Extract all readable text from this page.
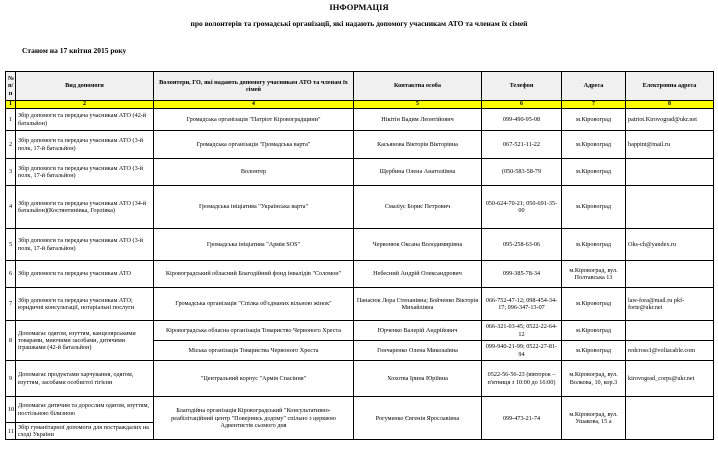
ІНФОРМАЦІЯ
про волонтерів та громадські організації, які надають допомогу учасникам АТО та членам їх сімей
Станом на 17 квітня 2015 року
№ п/п	Вид допомоги	Волонтери, ГО, які надають допомогу учасникам АТО та членам їх сімей	Контактна особа	Телефон	Адреса	Електронна адреса
1	2	4	5	6	7	8
1	Збір допомоги та передача учасникам АТО (42-й батальйон)	Громадська організація "Патріот Кіровоградщини"	Нікітін Вадим Леонтійович	099-490-95-08	м.Кіровоград	patriot.Kirovograd@ukr.net
2	Збір допомоги та передача учасникам АТО (3-й полк, 17-й батальйон)	Громадська організація "Громадська варта"	Касьянова Вікторія Вікторівна	067-521-11-22	м.Кіровоград	happint@mail.ru
3	Збір допомоги та передача учасникам АТО (3-й полк, 17-й батальйон)	Волонтер	Щербина Олена Анатоліївна	(050-583-58-79	м.Кіровоград	
4	Збір допомоги та передача учасникам АТО (34-й батальйон)(Костянтинівка, Горлівка)	Громадська ініціатива "Українська варта"	Смазіус Борис Петрович	050-624-70-21; 050-691-35-00	м.Кіровоград	
5	Збір допомоги та передача учасникам АТО (3-й полк, 17-й батальйон)	Громадська ініціатива "Армія SOS"	Червонюк Оксана Володимирівна	095-258-63-06	м.Кіровоград	Oks-ch@yandex.ru
6	Збір допомоги та передача учасникам АТО	Кіровоградський обласний Благодійний фонд інвалідів "Соломон"	Небесний Андрій Олександрович	099-385-78-34	м.Кіровоград, вул. Полтавська 13	
7	Збір допомоги та передача учасникам АТО; юридичні консультації, нотаріальні послуги	Громадська організація "Спілка об'єднаних вільною жінок"	Панасюк Лора Степанівна; Бойченко Вікторія Михайлівна	066-752-47-12; 098-454-34-17; 096-347-13-07	м.Кіровоград	law-fora@mail.ru pkf-forte@ukr.net
8	Допомагає одягом, взуттям, канцелярськими товарами, миючими засобами, дитячими іграшками (42-й батальйон)	Кіровоградська обласна організація Товариство Червоного Хреста	Юрченко Валерій Андрійович	066-321-03-45; 0522-22-64-12	м.Кіровоград	
		Міська організація Товариства Червоного Хреста	Гончаренко Олена Миколаївна	099-940-21-99; 0522-27-81-94	м.Кіровоград	redcross1@voliacable.com
9	Допомагає продуктами харчування, одягом, взуттям, засобами особистої гігієни	"Центральний корпус "Армія Спасіння"	Хохотва Ірина Юріївна	0522-56-56-23 (вівторок – п'ятниця з 10:00 до 16:00)	м.Кіровоград, вул. Волкова, 10, кор.3	kirovograd_corps@ukr.net
10	Допомагає дитячим та дорослим одягом, взуттям, постільною білизною	Благодійна організація Кіровоградський "Консультативно-реабілітаційний центр "Повернись додому" спільно з церквою Адвентистів сьомого дня	Рогуменко Євгенія Ярославівна	099-473-21-74	м.Кіровоград, вул. Ушакова, 15 а	
11	Збір гуманітарної допомоги для постраждалих на сході України					
